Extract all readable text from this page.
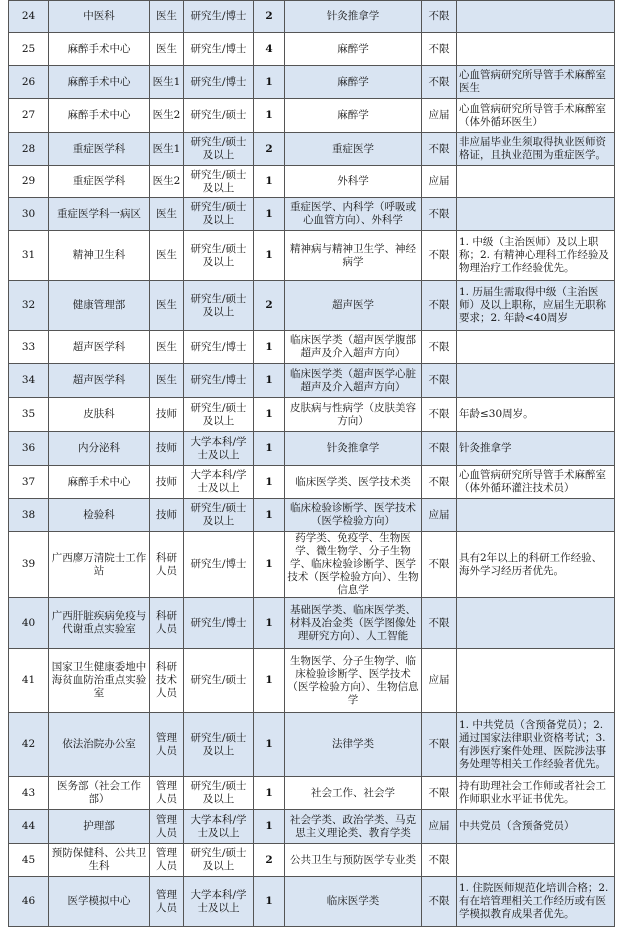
24	中医科	医生	研究生/博士	2	针灸推拿学	不限	
25	麻醉手术中心	医生	研究生/博士	4	麻醉学	不限	
26	麻醉手术中心	医生1	研究生/博士	1	麻醉学	不限	心血管病研究所导管手术麻醉室医生
27	麻醉手术中心	医生2	研究生/硕士	1	麻醉学	应届	心血管病研究所导管手术麻醉室（体外循环医生）
28	重症医学科	医生1	研究生/硕士及以上	2	重症医学	不限	非应届毕业生须取得执业医师资格证，且执业范围为重症医学。
29	重症医学科	医生2	研究生/硕士及以上	1	外科学	应届	
30	重症医学科一病区	医生	研究生/硕士及以上	1	重症医学、内科学（呼吸或心血管方向）、外科学	不限	
31	精神卫生科	医生	研究生/硕士及以上	1	精神病与精神卫生学、神经病学	不限	1. 中级（主治医师）及以上职称；2. 有精神心理科工作经验及物理治疗工作经验优先。
32	健康管理部	医生	研究生/硕士及以上	2	超声医学	不限	1. 历届生需取得中级（主治医师）及以上职称，应届生无职称要求；2. 年龄<40周岁
33	超声医学科	医生	研究生/博士	1	临床医学类（超声医学腹部超声及介入超声方向）	不限	
34	超声医学科	医生	研究生/博士	1	临床医学类（超声医学心脏超声及介入超声方向）	不限	
35	皮肤科	技师	研究生/硕士及以上	1	皮肤病与性病学（皮肤美容方向）	不限	年龄≤30周岁。
36	内分泌科	技师	大学本科/学士及以上	1	针灸推拿学	不限	针灸推拿学
37	麻醉手术中心	技师	大学本科/学士及以上	1	临床医学类、医学技术类	不限	心血管病研究所导管手术麻醉室（体外循环灌注技术员）
38	检验科	技师	研究生/硕士及以上	1	临床检验诊断学、医学技术（医学检验方向）	应届	
39	广西廖万清院士工作站	科研人员	研究生/博士	1	药学类、免疫学、生物医学、微生物学、分子生物学、临床检验诊断学、医学技术（医学检验方向）、生物信息学	不限	具有2年以上的科研工作经验、海外学习经历者优先。
40	广西肝脏疾病免疫与代谢重点实验室	科研人员	研究生/博士	1	基础医学类、临床医学类、材料及冶金类（医学图像处理研究方向）、人工智能	不限	
41	国家卫生健康委地中海贫血防治重点实验室	科研技术人员	研究生/硕士	1	生物医学、分子生物学、临床检验诊断学、医学技术（医学检验方向）、生物信息学	应届	
42	依法治院办公室	管理人员	研究生/硕士及以上	1	法律学类	不限	1. 中共党员（含预备党员）；2. 通过国家法律职业资格考试；3. 有涉医疗案件处理、医院涉法事务处理等相关工作经验者优先。
43	医务部（社会工作部）	管理人员	研究生/硕士及以上	1	社会工作、社会学	不限	持有助理社会工作师或者社会工作师职业水平证书优先。
44	护理部	管理人员	大学本科/学士及以上	1	社会学类、政治学类、马克思主义理论类、教育学类	应届	中共党员（含预备党员）
45	预防保健科、公共卫生科	管理人员	研究生/硕士及以上	2	公共卫生与预防医学专业类	不限	
46	医学模拟中心	管理人员	大学本科/学士及以上	1	临床医学类	不限	1. 住院医师规范化培训合格；2. 有在培管理相关工作经历或有医学模拟教育成果者优先。
